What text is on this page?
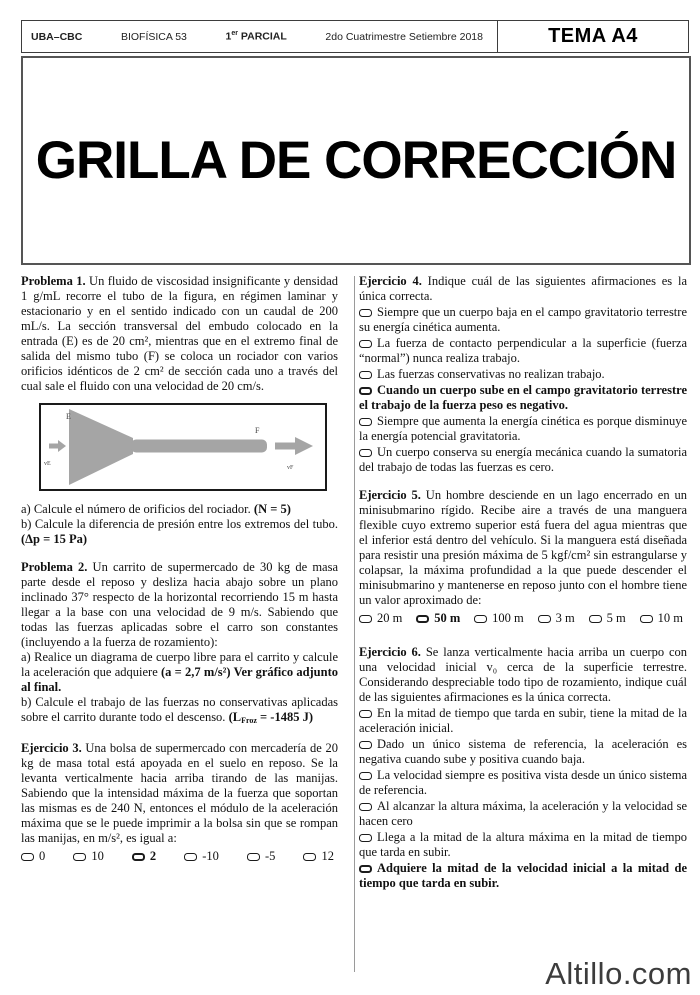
UBA–CBC	BIOFÍSICA 53	1er PARCIAL	2do Cuatrimestre Setiembre 2018	TEMA A4
GRILLA DE CORRECCIÓN

Problema 1. Un fluido de viscosidad insignificante y densidad 1 g/mL recorre el tubo de la figura, en régimen laminar y estacionario y en el sentido indicado con un caudal de 200 mL/s. La sección transversal del embudo colocado en la entrada (E) es de 20 cm², mientras que en el extremo final de salida del mismo tubo (F) se coloca un rociador con varios orificios idénticos de 2 cm² de sección cada uno a través del cual sale el fluido con una velocidad de 20 cm/s.

E
F
vE
vF

a) Calcule el número de orificios del rociador. (N = 5)

b) Calcule la diferencia de presión entre los extremos del tubo. (Δp = 15 Pa)

Problema 2. Un carrito de supermercado de 30 kg de masa parte desde el reposo y desliza hacia abajo sobre un plano inclinado 37° respecto de la horizontal recorriendo 15 m hasta llegar a la base con una velocidad de 9 m/s. Sabiendo que todas las fuerzas aplicadas sobre el carro son constantes (incluyendo a la fuerza de rozamiento):

a) Realice un diagrama de cuerpo libre para el carrito y calcule la aceleración que adquiere (a = 2,7 m/s²) Ver gráfico adjunto al final.

b) Calcule el trabajo de las fuerzas no conservativas aplicadas sobre el carrito durante todo el descenso. ($L_{Froz} = -1485$ J)

Ejercicio 3. Una bolsa de supermercado con mercadería de 20 kg de masa total está apoyada en el suelo en reposo. Se la levanta verticalmente hacia arriba tirando de las manijas. Sabiendo que la intensidad máxima de la fuerza que soportan las mismas es de 240 N, entonces el módulo de la aceleración máxima que se le puede imprimir a la bolsa sin que se rompan las manijas, en m/s², es igual a:

0	10	2	-10	-5	12

Ejercicio 4. Indique cuál de las siguientes afirmaciones es la única correcta.

Siempre que un cuerpo baja en el campo gravitatorio terrestre su energía cinética aumenta.

La fuerza de contacto perpendicular a la superficie (fuerza “normal”) nunca realiza trabajo.

Las fuerzas conservativas no realizan trabajo.

Cuando un cuerpo sube en el campo gravitatorio terrestre el trabajo de la fuerza peso es negativo.

Siempre que aumenta la energía cinética es porque disminuye la energía potencial gravitatoria.

Un cuerpo conserva su energía mecánica cuando la sumatoria del trabajo de todas las fuerzas es cero.

Ejercicio 5. Un hombre desciende en un lago encerrado en un minisubmarino rígido. Recibe aire a través de una manguera flexible cuyo extremo superior está fuera del agua mientras que el inferior está dentro del vehículo. Si la manguera está diseñada para resistir una presión máxima de 5 kgf/cm² sin estrangularse y colapsar, la máxima profundidad a la que puede descender el minisubmarino y mantenerse en reposo junto con el hombre tiene un valor aproximado de:

20 m	50 m	100 m	3 m	5 m	10 m

Ejercicio 6. Se lanza verticalmente hacia arriba un cuerpo con una velocidad inicial v₀ cerca de la superficie terrestre. Considerando despreciable todo tipo de rozamiento, indique cuál de las siguientes afirmaciones es la única correcta.

En la mitad de tiempo que tarda en subir, tiene la mitad de la aceleración inicial.

Dado un único sistema de referencia, la aceleración es negativa cuando sube y positiva cuando baja.

La velocidad siempre es positiva vista desde un único sistema de referencia.

Al alcanzar la altura máxima, la aceleración y la velocidad se hacen cero

Llega a la mitad de la altura máxima en la mitad de tiempo que tarda en subir.

Adquiere la mitad de la velocidad inicial a la mitad de tiempo que tarda en subir.

Altillo.com
